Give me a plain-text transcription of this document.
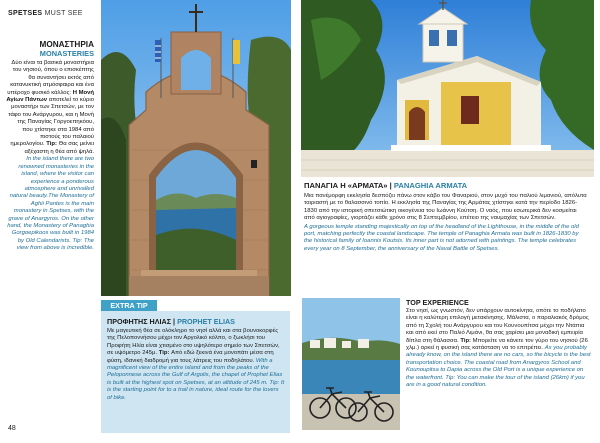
SPETSES MUST SEE
ΜΟΝΑΣΤΗΡΙΑ
MONASTERIES
Δύο είναι τα βασικά μοναστήρια του νησιού, όπου ο επισκέπτης θα συναντήσει εκτός από κατανυκτική ατμόσφαιρα και ένα υπέροχο φυσικό κάλλος: Η Μονή Αγίων Πάντων αποτελεί το κύριο μοναστήρι των Σπετσών, με τον τάφο του Ανάργυρου, και η Μονή της Παναγίας Γοργοεπηκόου, που χτίστηκε στα 1984 από πιστούς του παλαιού ημερολογίου. Tip: Θα σας μείνει αξέχαστη η θέα από ψηλά.
In the island there are two renowned monasteries in the island, where the visitor can experience a ponderous atmosphere and unrivalled natural beauty.The Monastery of Aghii Pantes is the main monastery in Spetses, with the grave of Anargyros. On the other hand, the Monastery of Panaghia Gorgoepikoos was built in 1984 by Old Calendarists. Tip: The view from above is incredible.
ΠΑΝΑΓΙΑ Η «ΑΡΜΑΤΑ» | PANAGHIA ARMATA
Μια πανέμορφη εκκλησία δεσπόζει πάνω στον κάβο του Φαναριού, στον μυχό του παλιού λιμανιού, απόλυτα ταιριαστή με το θαλασσινό τοπίο. Η εκκλησία της Παναγίας της Αρμάτας χτίστηκε κατά την περίοδο 1826-1830 από την ιστορική σπετσιώτικη οικογένεια του Ιωάννη Κούτση. Ο ναός, που εσωτερικά δεν κοσμείται από αγιογραφίες, γιορτάζει κάθε χρόνο στις 8 Σεπτεμβρίου, επέτειο της ναυμαχίας των Σπετσών.
A gorgeous temple standing majestically on top of the headland of the Lighthouse, in the middle of the old port, matching perfectly the coastal landscape. The temple of Panaghia Armata was built in 1826-1830 by the historical family of Ioannis Koutsis. Its inner part is not adorned with paintings. The temple celebrates every year on 8 September, the anniversary of the Naval Battle of Spetses.
EXTRA TIP
ΠΡΟΦΗΤΗΣ ΗΛΙΑΣ | PROPHET ELIAS
Με μαγευτική θέα σε ολόκληρο το νησί αλλά και στα βουνοκορφές της Πελοποννήσου μέχρι τον Αργολικό κόλπο, ο ξωκλήσι του Προφήτη Ηλία είναι χτισμένο στο υψηλότερο σημείο των Σπετσών, σε υψόμετρο 245μ. Tip: Από εδώ ξεκινά ένα μονοπάτι μέσα στη φύση, ιδανική διαδρομή για τους λάτρεις του ποδηλάτου. With a magnificent view of the entire island and from the peaks of the Peloponnese across the Gulf of Argolis, the chapel of Prophet Elias is built at the highest spot on Spetses, at an altitude of 245 m. Tip: It is the starting point for to a trail in nature, ideal route for the lovers of bike.
TOP EXPERIENCE
Στο νησί, ως γνωστόν, δεν υπάρχουν αυτοκίνητα, οπότε το ποδήλατο είναι η καλύτερη επιλογή μετακίνησης. Μάλιστα, ο παραλιακός δρόμος από τη Σχολή του Ανάργυρου και του Κουνουπίτσα μέχρι την Ντάπια και από εκεί στο Παλιό Λιμάνι, θα σας χαρίσει μια μοναδική εμπειρία δίπλα στη θάλασσα. Tip: Μπορείτε να κάνετε τον γύρο του νησιού (26 χλμ.) αρκεί η φυσική σας κατάσταση να το επιτρέπει. As you probably already know, on the island there are no cars, so the bicycle is the best transportation choice. The coastal road from Anargyros School and Kounoupitsa to Dapia across the Old Port is a unique experience on the waterfront. Tip: You can make the tour of the island (26km) if you are in a good natural condition.
48
